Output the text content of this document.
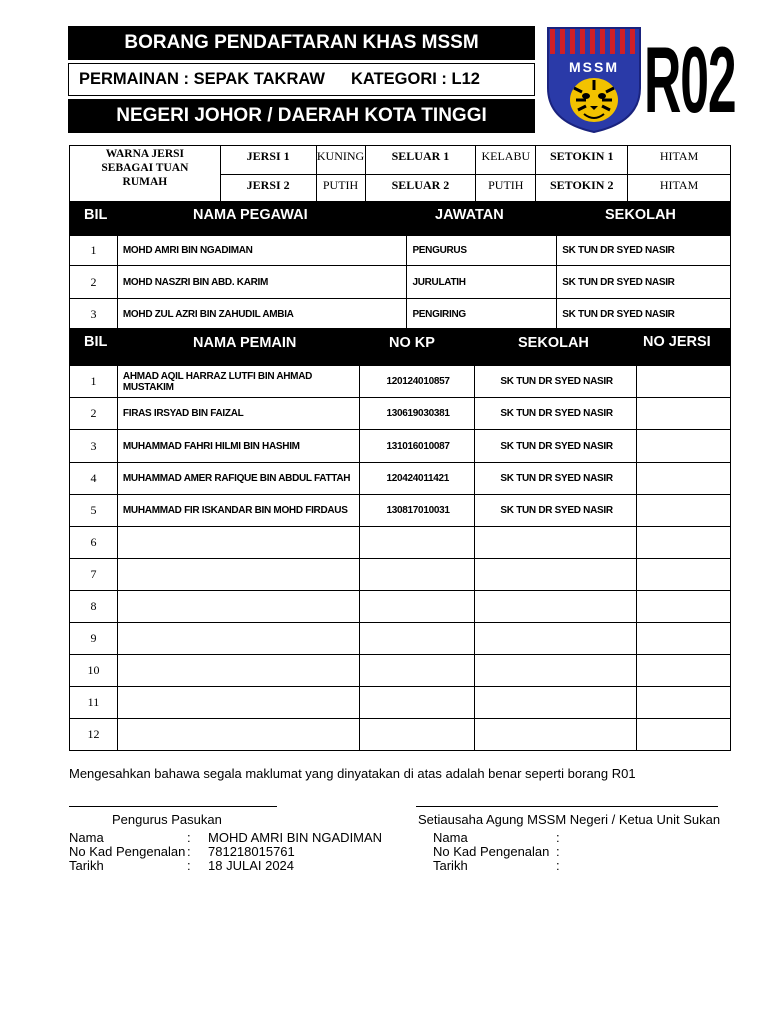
BORANG PENDAFTARAN KHAS MSSM
PERMAINAN : SEPAK TAKRAW KATEGORI : L12
NEGERI JOHOR / DAERAH KOTA TINGGI
MSSM R02
WARNA JERSI SEBAGAI TUAN RUMAH	JERSI 1	KUNING	SELUAR 1	KELABU	SETOKIN 1	HITAM
	JERSI 2	PUTIH	SELUAR 2	PUTIH	SETOKIN 2	HITAM
BIL	NAMA PEGAWAI	JAWATAN	SEKOLAH
1	MOHD AMRI BIN NGADIMAN	PENGURUS	SK TUN DR SYED NASIR
2	MOHD NASZRI BIN ABD. KARIM	JURULATIH	SK TUN DR SYED NASIR
3	MOHD ZUL AZRI BIN ZAHUDIL AMBIA	PENGIRING	SK TUN DR SYED NASIR
BIL	NAMA PEMAIN	NO KP	SEKOLAH	NO JERSI
1	AHMAD AQIL HARRAZ LUTFI BIN AHMAD MUSTAKIM	120124010857	SK TUN DR SYED NASIR	
2	FIRAS IRSYAD BIN FAIZAL	130619030381	SK TUN DR SYED NASIR	
3	MUHAMMAD FAHRI HILMI BIN HASHIM	131016010087	SK TUN DR SYED NASIR	
4	MUHAMMAD AMER RAFIQUE BIN ABDUL FATTAH	120424011421	SK TUN DR SYED NASIR	
5	MUHAMMAD FIR ISKANDAR BIN MOHD FIRDAUS	130817010031	SK TUN DR SYED NASIR	
6				
7				
8				
9				
10				
11				
12				
Mengesahkan bahawa segala maklumat yang dinyatakan di atas adalah benar seperti borang R01
Pengurus Pasukan	Setiausaha Agung MSSM Negeri / Ketua Unit Sukan
Nama	:	MOHD AMRI BIN NGADIMAN
No Kad Pengenalan :	781218015761
Tarikh	:	18 JULAI 2024
Nama	:
No Kad Pengenalan :
Tarikh	:
